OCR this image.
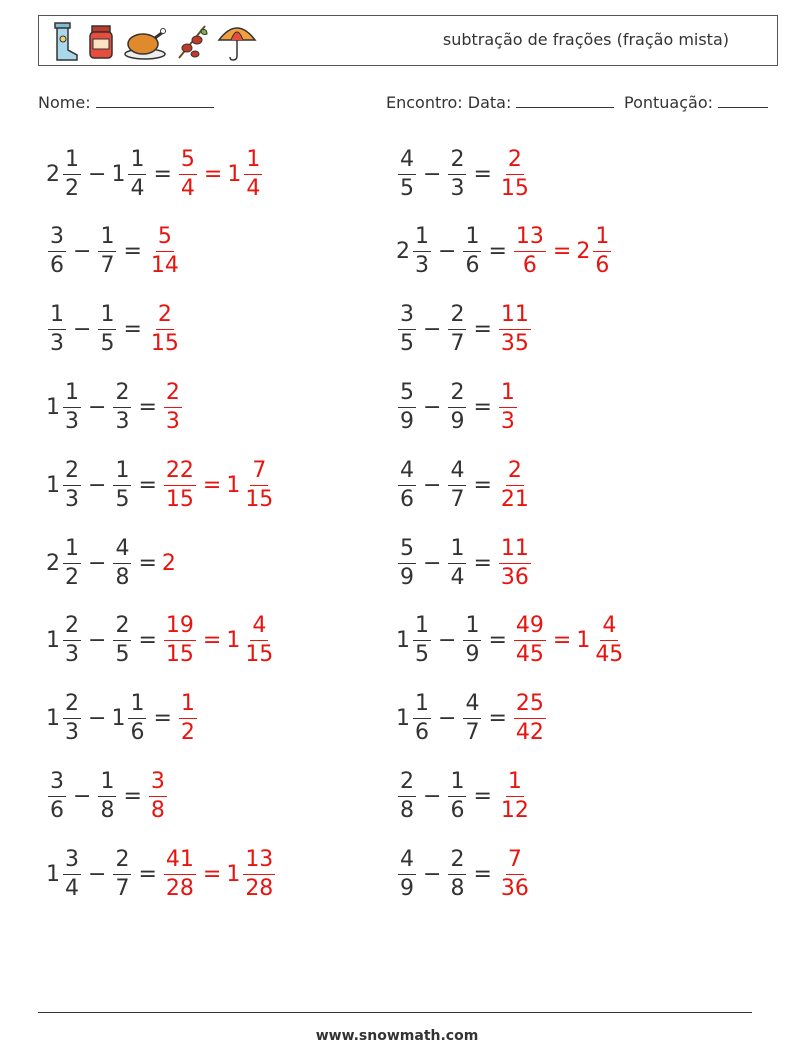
subtração de frações (fração mista)
Nome:	Encontro: Data:	Pontuação:
$2 \frac{1}{2} - 1 \frac{1}{4} = \frac{5}{4} = 1 \frac{1}{4}$	$\frac{4}{5} - \frac{2}{3} = \frac{2}{15}$
$\frac{3}{6} - \frac{1}{7} = \frac{5}{14}$	$2 \frac{1}{3} - \frac{1}{6} = \frac{13}{6} = 2 \frac{1}{6}$
$\frac{1}{3} - \frac{1}{5} = \frac{2}{15}$	$\frac{3}{5} - \frac{2}{7} = \frac{11}{35}$
$1 \frac{1}{3} - \frac{2}{3} = \frac{2}{3}$	$\frac{5}{9} - \frac{2}{9} = \frac{1}{3}$
$1 \frac{2}{3} - \frac{1}{5} = \frac{22}{15} = 1 \frac{7}{15}$	$\frac{4}{6} - \frac{4}{7} = \frac{2}{21}$
$2 \frac{1}{2} - \frac{4}{8} = 2$	$\frac{5}{9} - \frac{1}{4} = \frac{11}{36}$
$1 \frac{2}{3} - \frac{2}{5} = \frac{19}{15} = 1 \frac{4}{15}$	$1 \frac{1}{5} - \frac{1}{9} = \frac{49}{45} = 1 \frac{4}{45}$
$1 \frac{2}{3} - 1 \frac{1}{6} = \frac{1}{2}$	$1 \frac{1}{6} - \frac{4}{7} = \frac{25}{42}$
$\frac{3}{6} - \frac{1}{8} = \frac{3}{8}$	$\frac{2}{8} - \frac{1}{6} = \frac{1}{12}$
$1 \frac{3}{4} - \frac{2}{7} = \frac{41}{28} = 1 \frac{13}{28}$	$\frac{4}{9} - \frac{2}{8} = \frac{7}{36}$
www.snowmath.com
